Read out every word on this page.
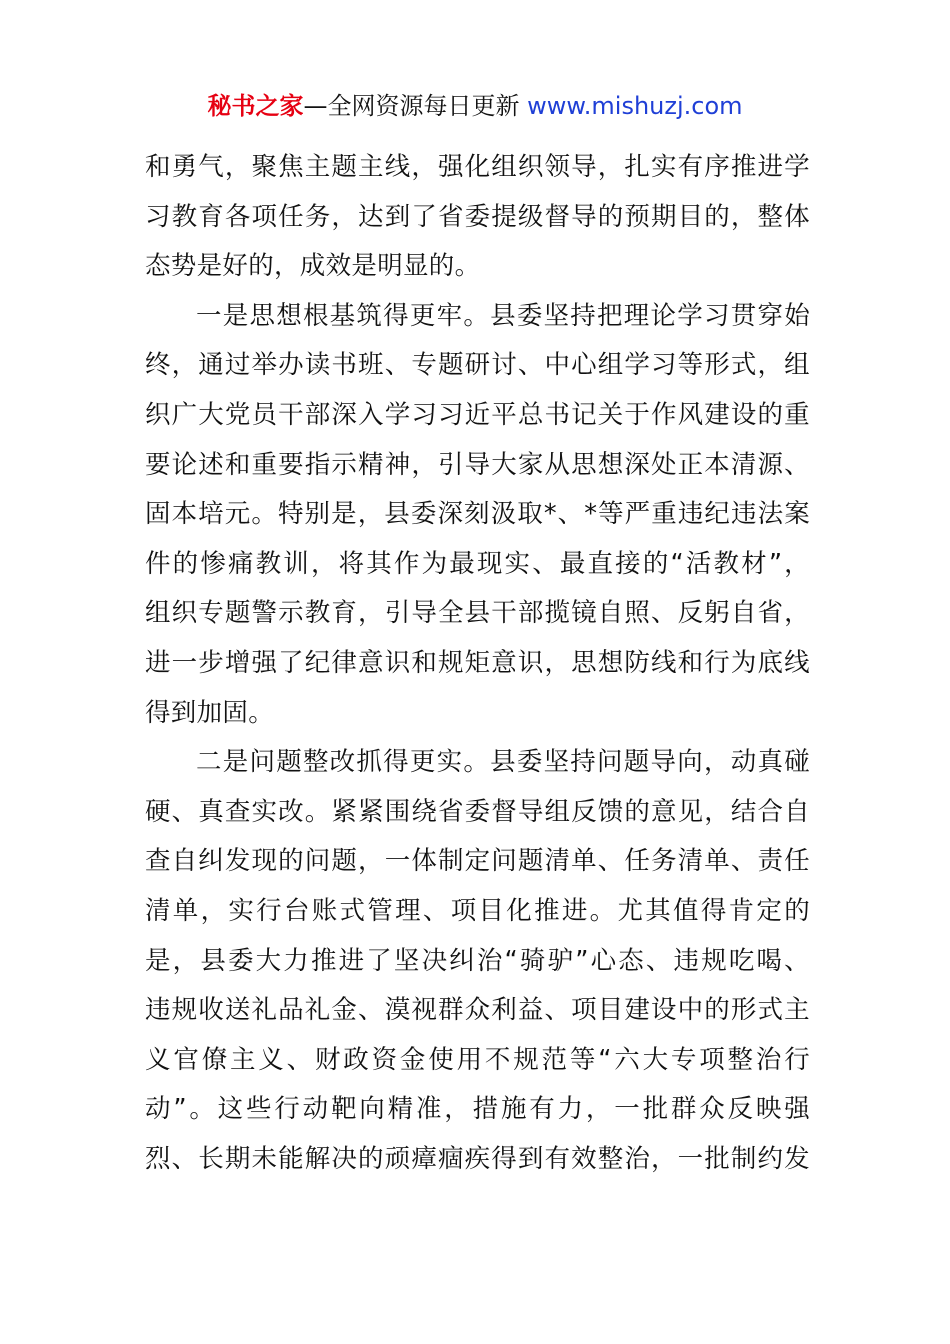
秘书之家—全网资源每日更新 www.mishuzj.com
和勇气，聚焦主题主线，强化组织领导，扎实有序推进学
习教育各项任务，达到了省委提级督导的预期目的，整体
态势是好的，成效是明显的。
一是思想根基筑得更牢。县委坚持把理论学习贯穿始
终，通过举办读书班、专题研讨、中心组学习等形式，组
织广大党员干部深入学习习近平总书记关于作风建设的重
要论述和重要指示精神，引导大家从思想深处正本清源、
固本培元。特别是，县委深刻汲取*、*等严重违纪违法案
件的惨痛教训，将其作为最现实、最直接的“活教材”，
组织专题警示教育，引导全县干部揽镜自照、反躬自省，
进一步增强了纪律意识和规矩意识，思想防线和行为底线
得到加固。
二是问题整改抓得更实。县委坚持问题导向，动真碰
硬、真查实改。紧紧围绕省委督导组反馈的意见，结合自
查自纠发现的问题，一体制定问题清单、任务清单、责任
清单，实行台账式管理、项目化推进。尤其值得肯定的
是，县委大力推进了坚决纠治“骑驴”心态、违规吃喝、
违规收送礼品礼金、漠视群众利益、项目建设中的形式主
义官僚主义、财政资金使用不规范等“六大专项整治行
动”。这些行动靶向精准，措施有力，一批群众反映强
烈、长期未能解决的顽瘴痼疾得到有效整治，一批制约发
